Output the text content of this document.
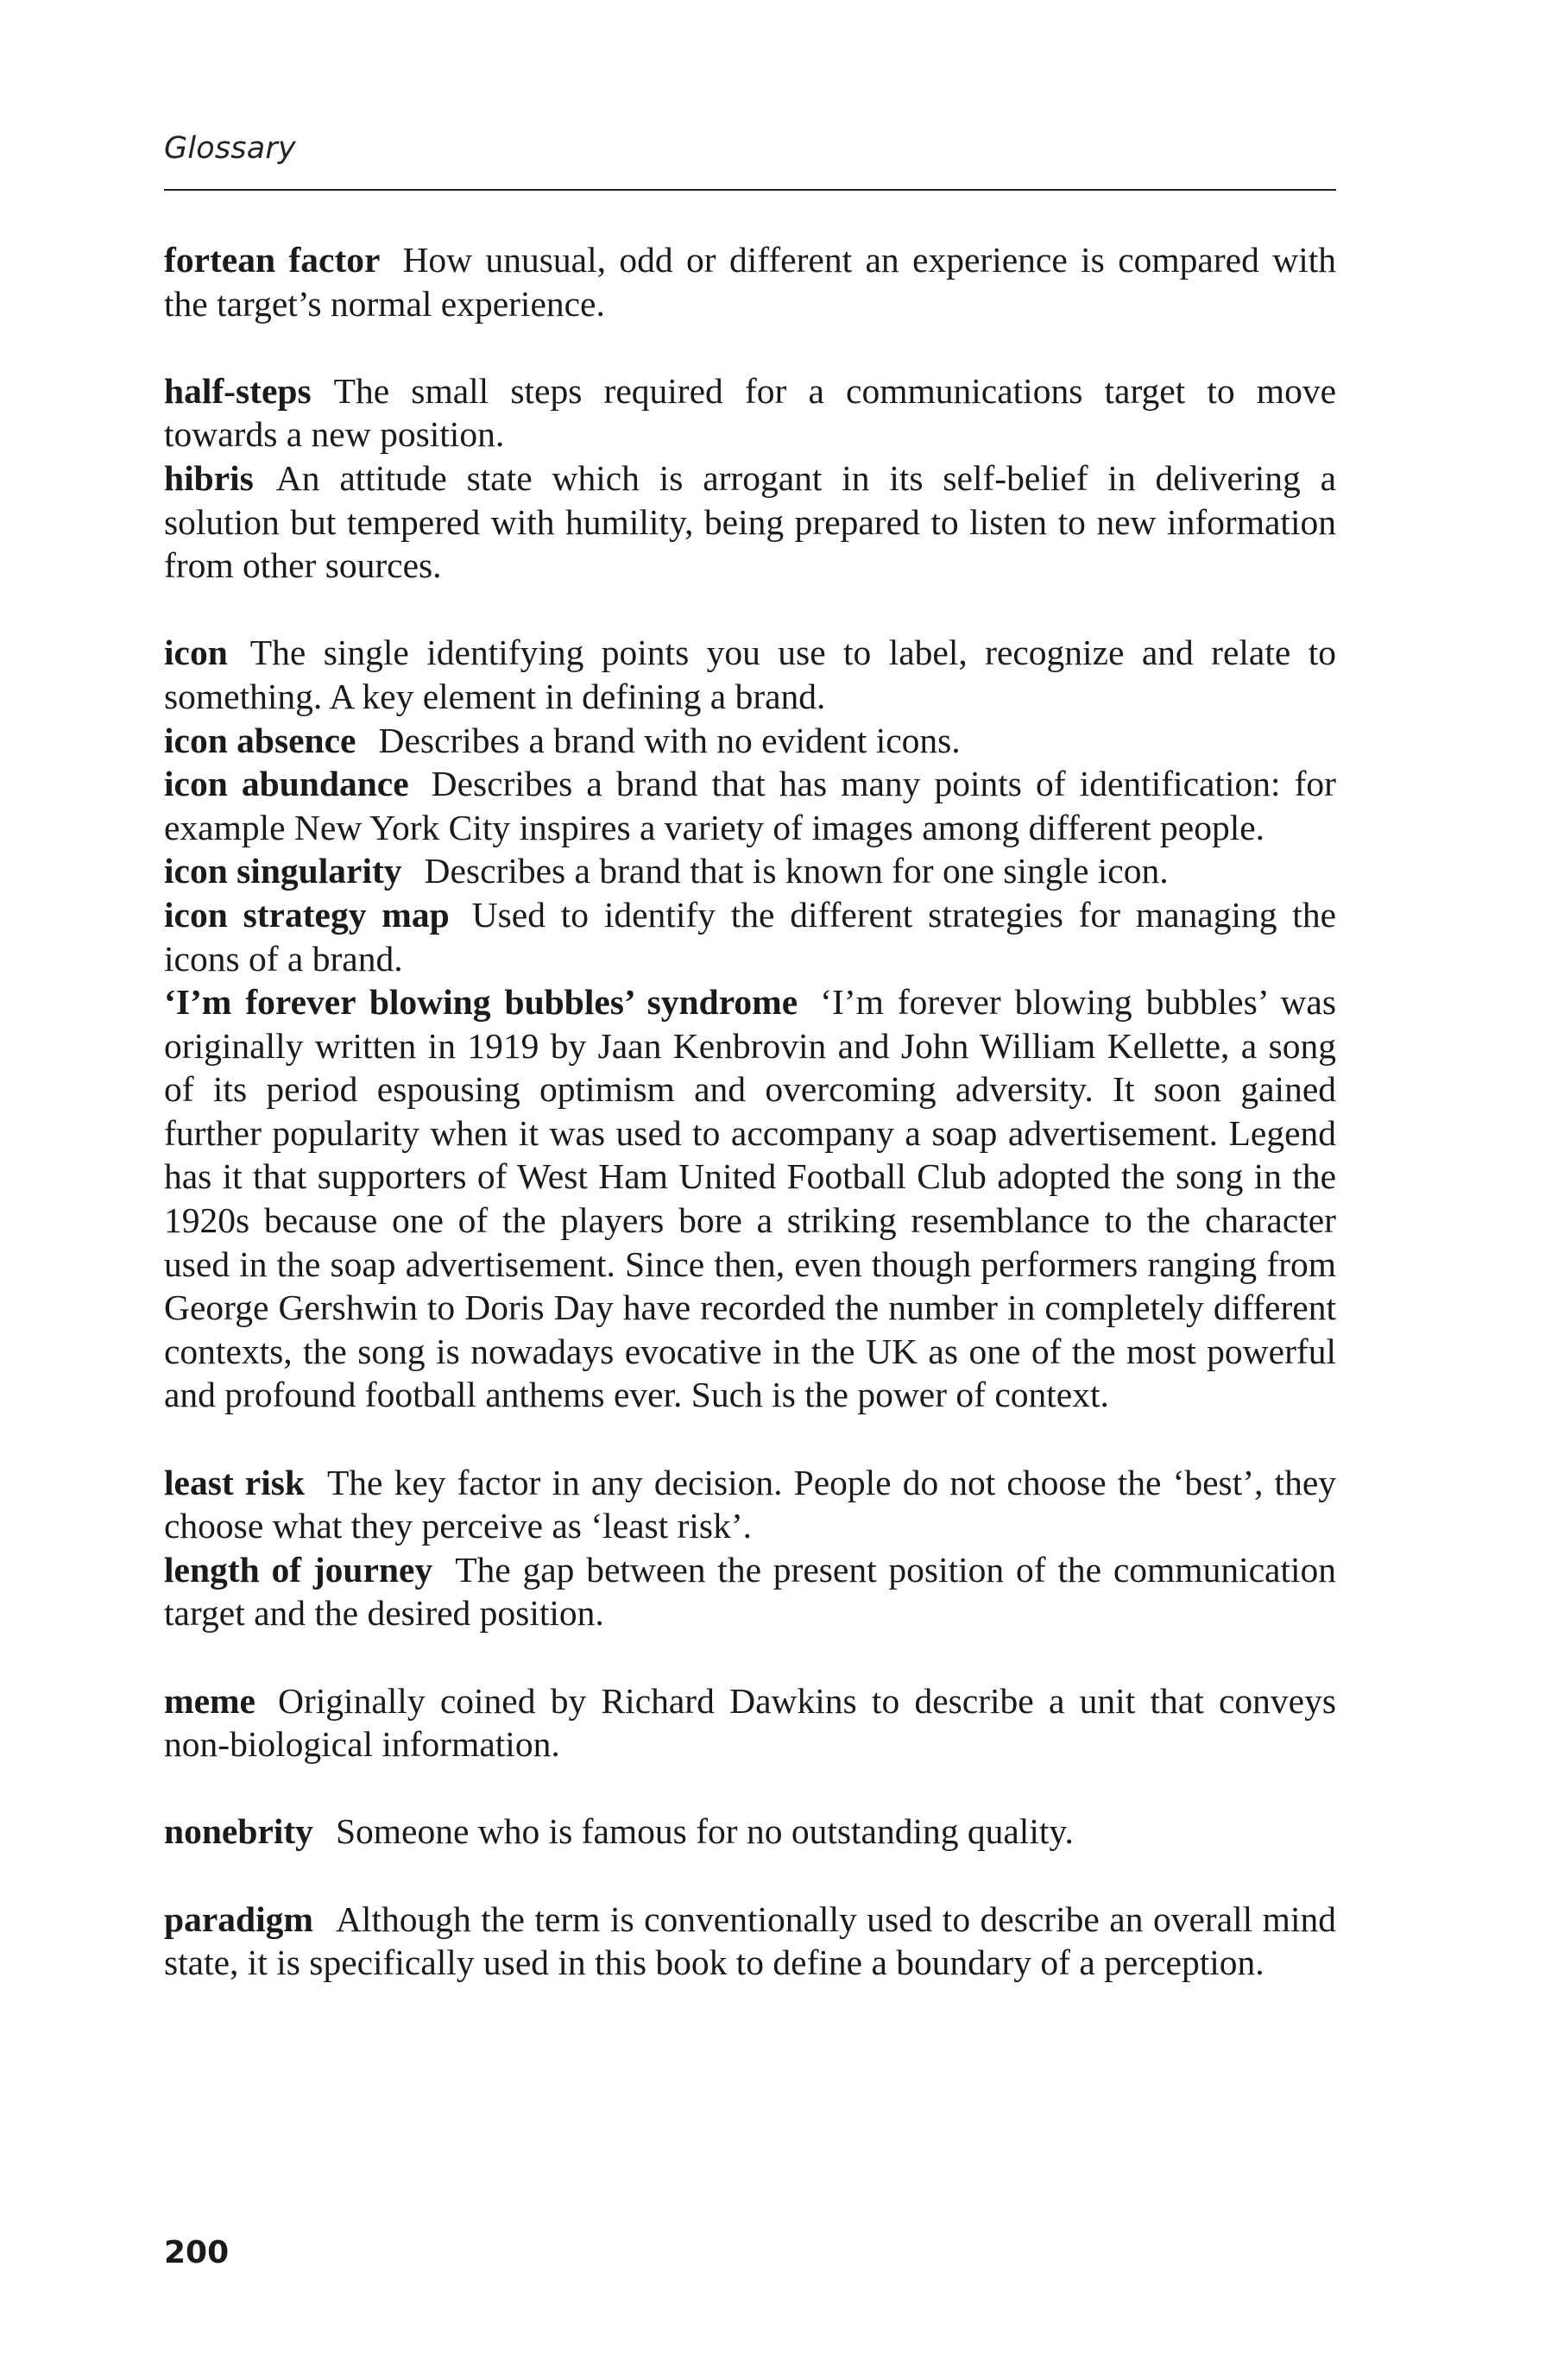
Glossary

fortean factor How unusual, odd or different an experience is compared with the target’s normal experience.

half-steps The small steps required for a communications target to move towards a new position.

hibris An attitude state which is arrogant in its self-belief in delivering a solution but tempered with humility, being prepared to listen to new information from other sources.

icon The single identifying points you use to label, recognize and relate to something. A key element in defining a brand.

icon absence Describes a brand with no evident icons.

icon abundance Describes a brand that has many points of identification: for example New York City inspires a variety of images among different people.

icon singularity Describes a brand that is known for one single icon.

icon strategy map Used to identify the different strategies for managing the icons of a brand.

‘I’m forever blowing bubbles’ syndrome ‘I’m forever blowing bubbles’ was originally written in 1919 by Jaan Kenbrovin and John William Kellette, a song of its period espousing optimism and overcoming adversity. It soon gained further popularity when it was used to accompany a soap advertisement. Legend has it that supporters of West Ham United Football Club adopted the song in the 1920s because one of the players bore a striking resemblance to the character used in the soap advertisement. Since then, even though performers ranging from George Gershwin to Doris Day have recorded the number in completely different contexts, the song is nowadays evocative in the UK as one of the most powerful and profound football anthems ever. Such is the power of context.

least risk The key factor in any decision. People do not choose the ‘best’, they choose what they perceive as ‘least risk’.

length of journey The gap between the present position of the communication target and the desired position.

meme Originally coined by Richard Dawkins to describe a unit that conveys non-biological information.

nonebrity Someone who is famous for no outstanding quality.

paradigm Although the term is conventionally used to describe an overall mind state, it is specifically used in this book to define a boundary of a perception.

200
